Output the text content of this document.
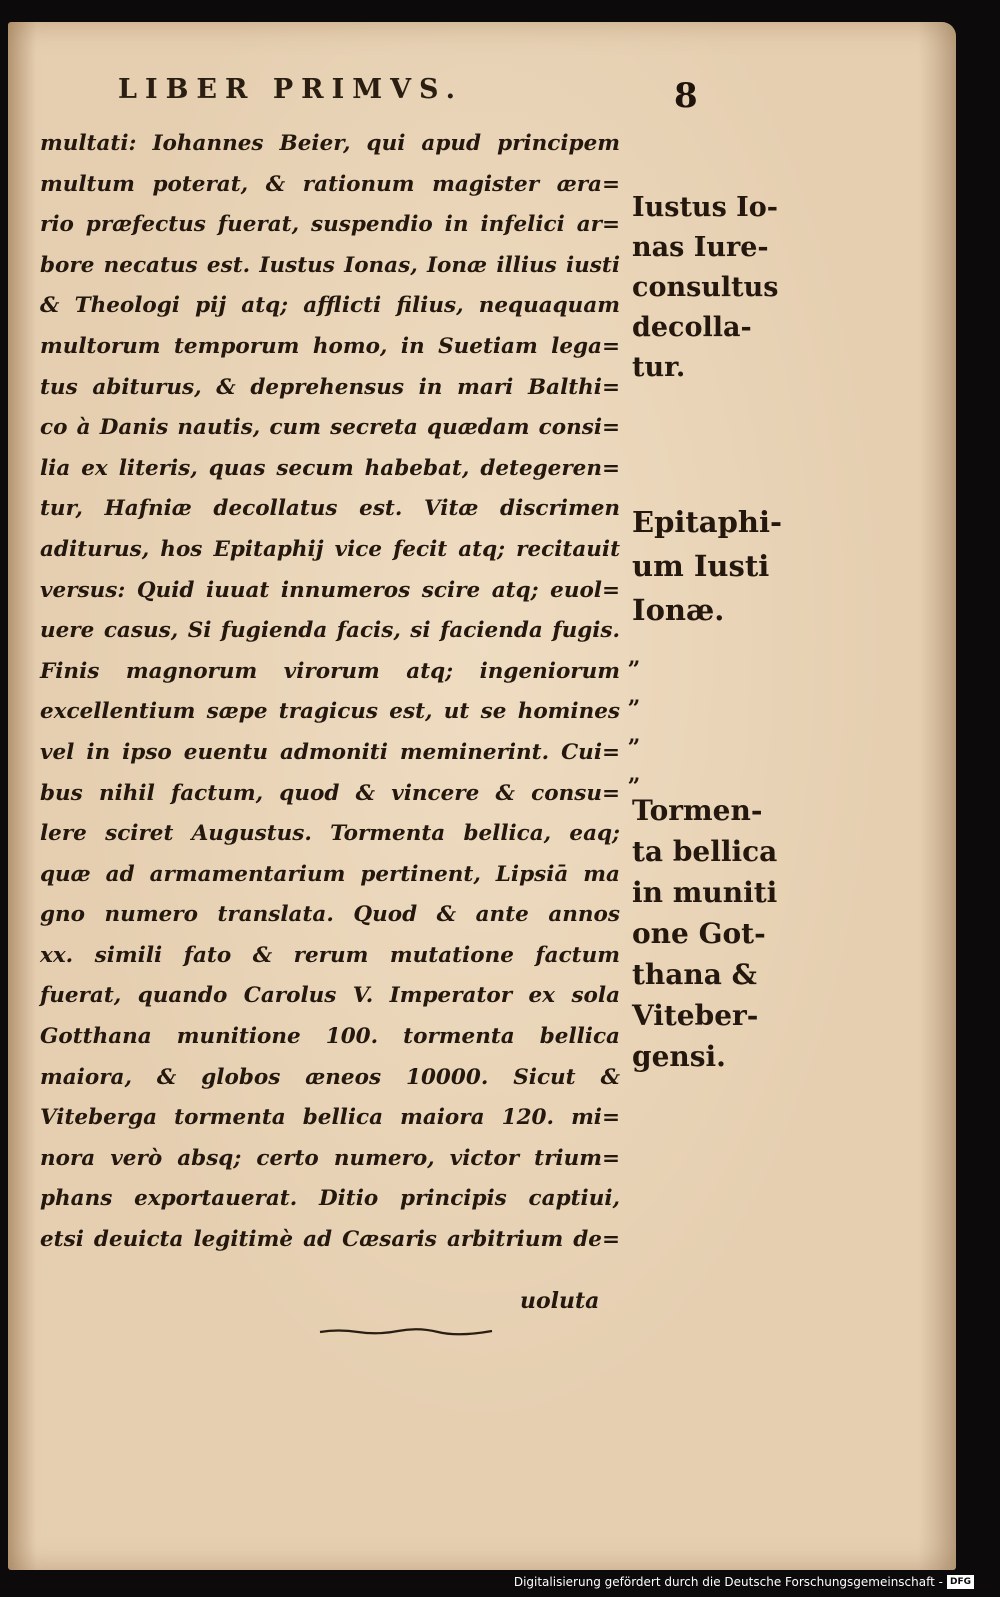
LIBER PRIMVS.	8
multati: Iohannes Beier, qui apud principem
multum poterat, & rationum magister æra=
rio præfectus fuerat, suspendio in infelici ar=
bore necatus est. Iustus Ionas, Ionæ illius iusti
& Theologi pij atq; afflicti filius, nequaquam
multorum temporum homo, in Suetiam lega=
tus abiturus, & deprehensus in mari Balthi=
co à Danis nautis, cum secreta quædam consi=
lia ex literis, quas secum habebat, detegeren=
tur, Hafniæ decollatus est. Vitæ discrimen
aditurus, hos Epitaphij vice fecit atq; recitauit
versus: Quid iuuat innumeros scire atq; euol=
uere casus, Si fugienda facis, si facienda fugis.
Finis magnorum virorum atq; ingeniorum
excellentium sæpe tragicus est, ut se homines
vel in ipso euentu admoniti meminerint. Cui=
bus nihil factum, quod & vincere & consu=
lere sciret Augustus. Tormenta bellica, eaq;
quæ ad armamentarium pertinent, Lipsiā ma
gno numero translata. Quod & ante annos
xx. simili fato & rerum mutatione factum
fuerat, quando Carolus V. Imperator ex sola
Gotthana munitione 100. tormenta bellica
maiora, & globos æneos 10000. Sicut &
Viteberga tormenta bellica maiora 120. mi=
nora verò absq; certo numero, victor trium=
phans exportauerat. Ditio principis captiui,
etsi deuicta legitimè ad Cæsaris arbitrium de=
uoluta
Iustus Io-
nas Iure-
consultus
decolla-
tur.
Epitaphi-
um Iusti
Ionæ.
„
„
„
„
Tormen-
ta bellica
in muniti
one Got-
thana &
Viteber-
gensi.
Digitalisierung gefördert durch die Deutsche Forschungsgemeinschaft - DFG
